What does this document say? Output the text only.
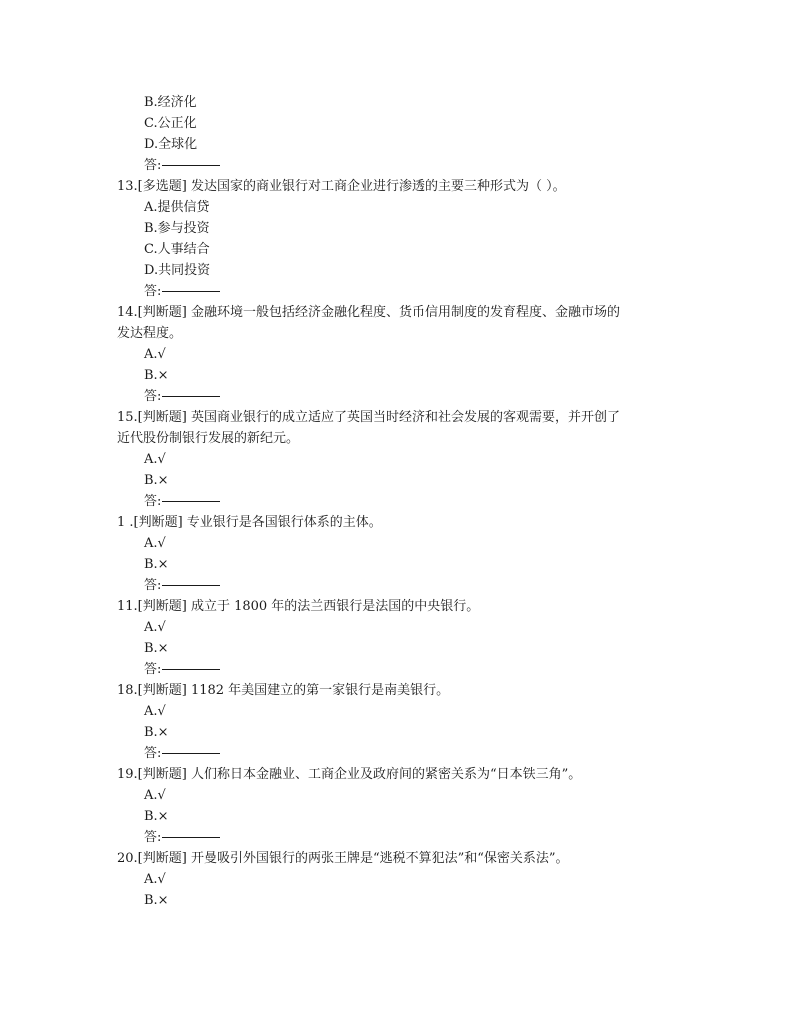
B.经济化
C.公正化
D.全球化
答:
13.[多选题] 发达国家的商业银行对工商企业进行渗透的主要三种形式为（ ）。
A.提供信贷
B.参与投资
C.人事结合
D.共同投资
答:
14.[判断题] 金融环境一般包括经济金融化程度、货币信用制度的发育程度、金融市场的
发达程度。
A.√
B.×
答:
15.[判断题] 英国商业银行的成立适应了英国当时经济和社会发展的客观需要，并开创了
近代股份制银行发展的新纪元。
A.√
B.×
答:
1 .[判断题] 专业银行是各国银行体系的主体。
A.√
B.×
答:
11.[判断题] 成立于 1800 年的法兰西银行是法国的中央银行。
A.√
B.×
答:
18.[判断题] 1182 年美国建立的第一家银行是南美银行。
A.√
B.×
答:
19.[判断题] 人们称日本金融业、工商企业及政府间的紧密关系为“日本铁三角”。
A.√
B.×
答:
20.[判断题] 开曼吸引外国银行的两张王牌是“逃税不算犯法”和“保密关系法”。
A.√
B.×
